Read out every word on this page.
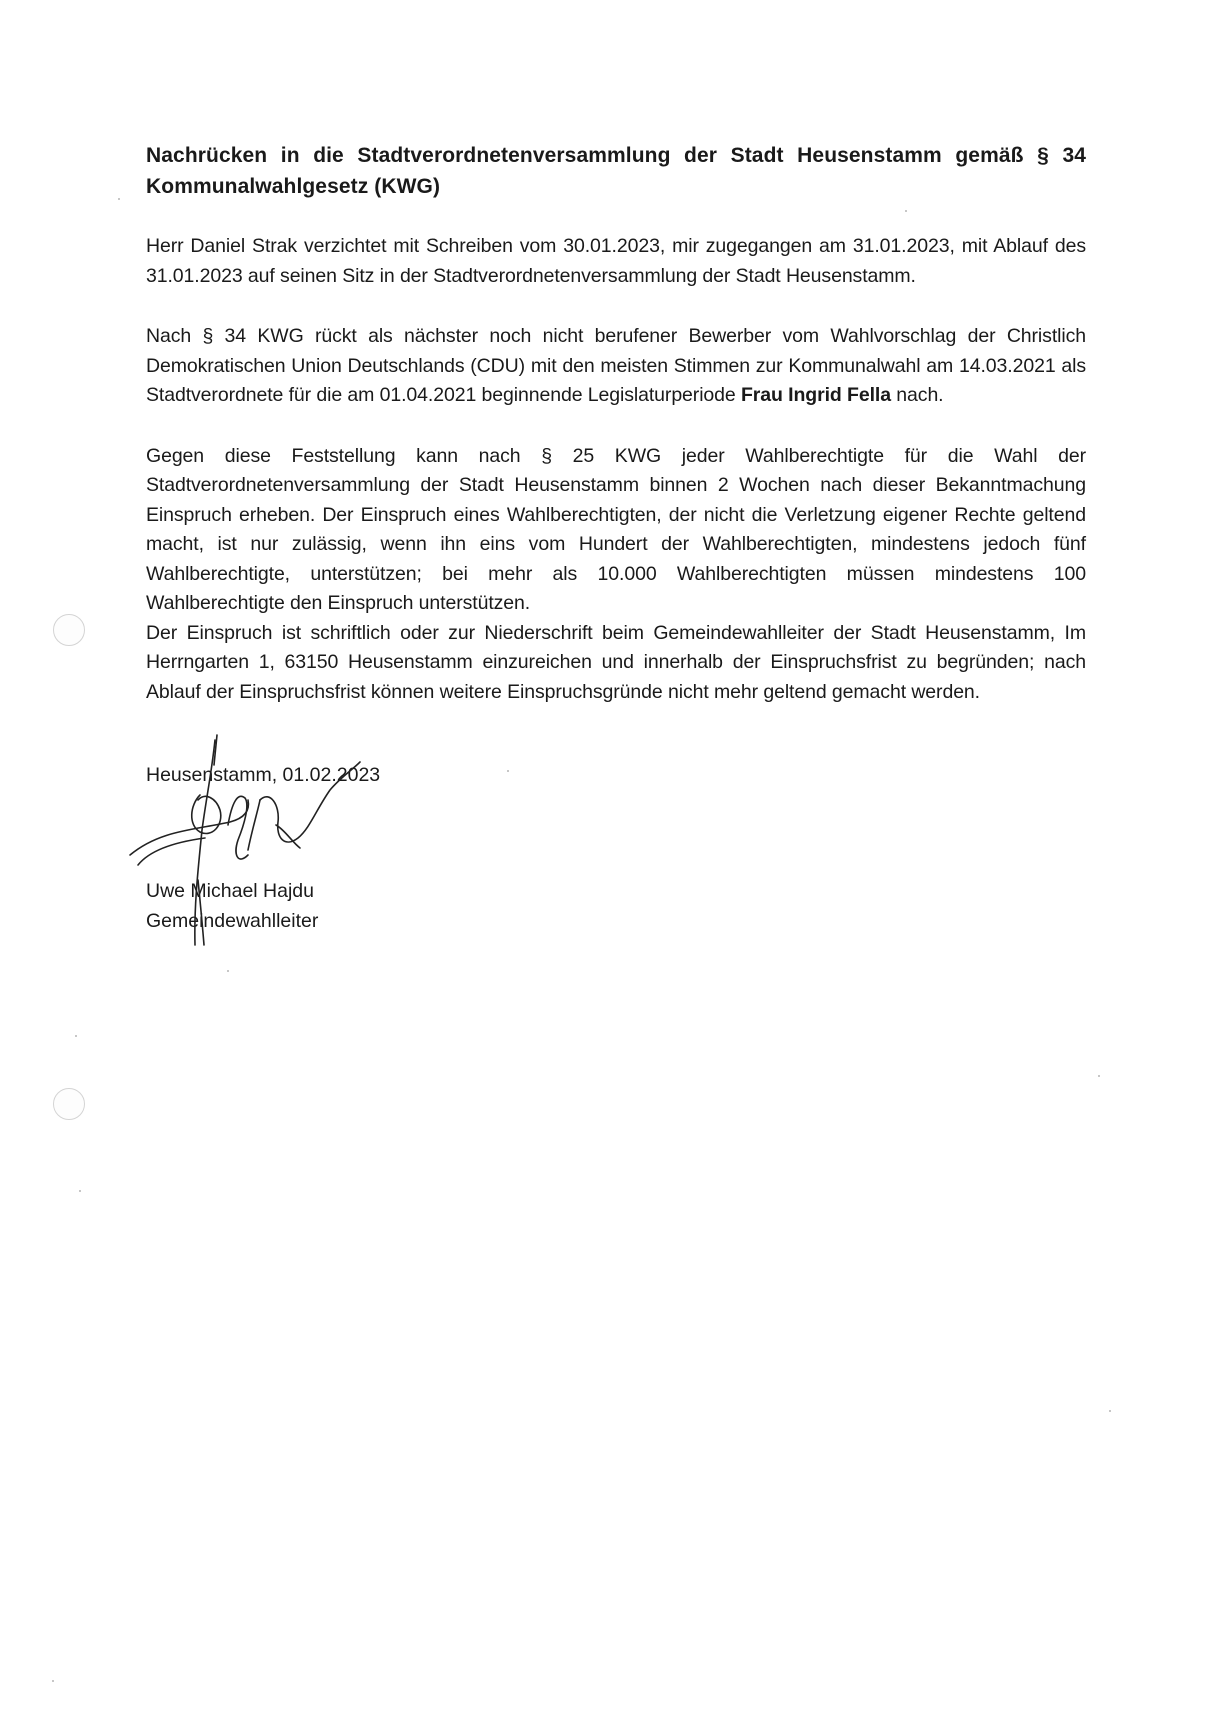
Nachrücken in die Stadtverordnetenversammlung der Stadt Heusenstamm gemäß § 34 Kommunalwahlgesetz (KWG)

Herr Daniel Strak verzichtet mit Schreiben vom 30.01.2023, mir zugegangen am 31.01.2023, mit Ablauf des 31.01.2023 auf seinen Sitz in der Stadtverordnetenversammlung der Stadt Heusenstamm.

Nach § 34 KWG rückt als nächster noch nicht berufener Bewerber vom Wahlvorschlag der Christlich Demokratischen Union Deutschlands (CDU) mit den meisten Stimmen zur Kommunalwahl am 14.03.2021 als Stadtverordnete für die am 01.04.2021 beginnende Legislaturperiode Frau Ingrid Fella nach.

Gegen diese Feststellung kann nach § 25 KWG jeder Wahlberechtigte für die Wahl der Stadtverordnetenversammlung der Stadt Heusenstamm binnen 2 Wochen nach dieser Bekanntmachung Einspruch erheben. Der Einspruch eines Wahlberechtigten, der nicht die Verletzung eigener Rechte geltend macht, ist nur zulässig, wenn ihn eins vom Hundert der Wahlberechtigten, mindestens jedoch fünf Wahlberechtigte, unterstützen; bei mehr als 10.000 Wahlberechtigten müssen mindestens 100 Wahlberechtigte den Einspruch unterstützen.

Der Einspruch ist schriftlich oder zur Niederschrift beim Gemeindewahlleiter der Stadt Heusenstamm, Im Herrngarten 1, 63150 Heusenstamm einzureichen und innerhalb der Einspruchsfrist zu begründen; nach Ablauf der Einspruchsfrist können weitere Einspruchsgründe nicht mehr geltend gemacht werden.

Heusenstamm, 01.02.2023

Uwe Michael Hajdu

Gemeindewahlleiter
